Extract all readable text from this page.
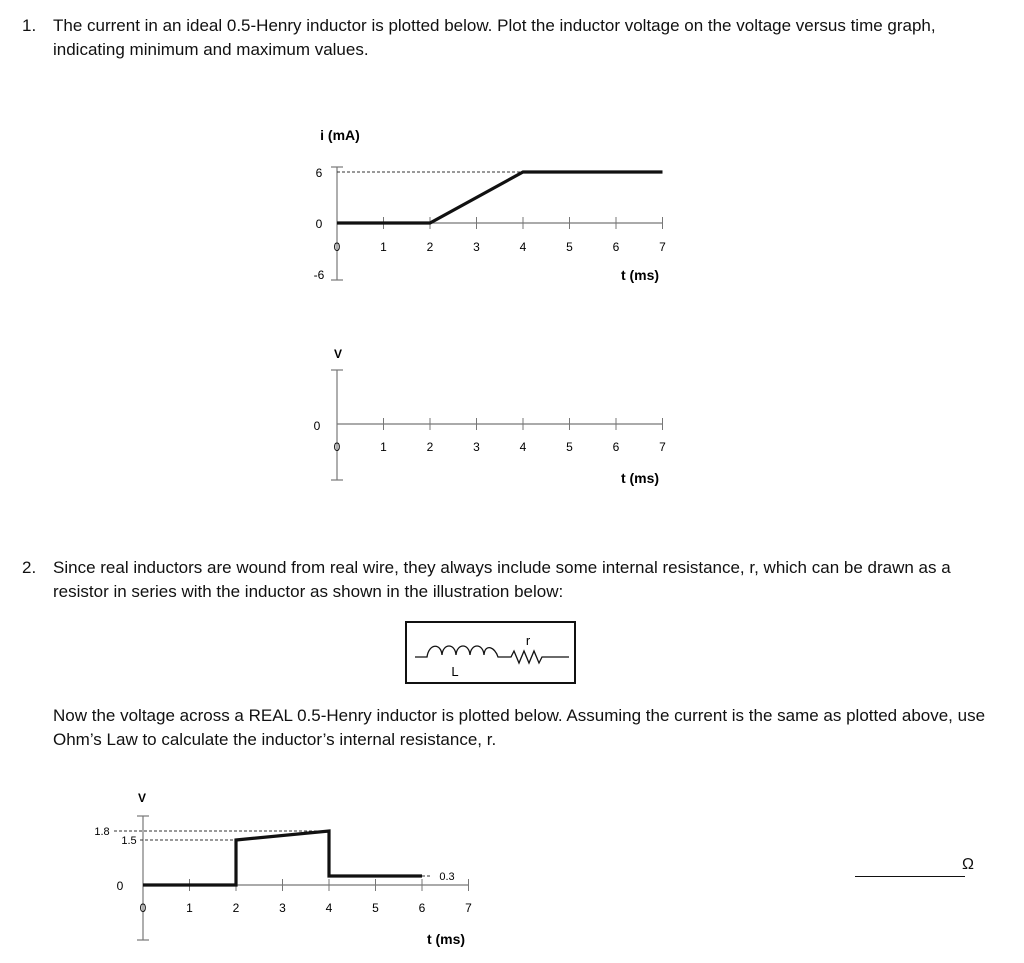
1. The current in an ideal 0.5-Henry inductor is plotted below. Plot the inductor voltage on the voltage versus time graph, indicating minimum and maximum values.
0	1	2	3	4	5	6	7
i (mA)
t (ms)
6
0
-6
0	1	2	3	4	5	6	7
V
t (ms)
0
2. Since real inductors are wound from real wire, they always include some internal resistance, r, which can be drawn as a resistor in series with the inductor as shown in the illustration below:
L
r
Now the voltage across a REAL 0.5-Henry inductor is plotted below. Assuming the current is the same as plotted above, use Ohm’s Law to calculate the inductor’s internal resistance, r.
0	1	2	3	4	5	6	7
V
t (ms)
1.8
1.5
0
0.3
Ω
